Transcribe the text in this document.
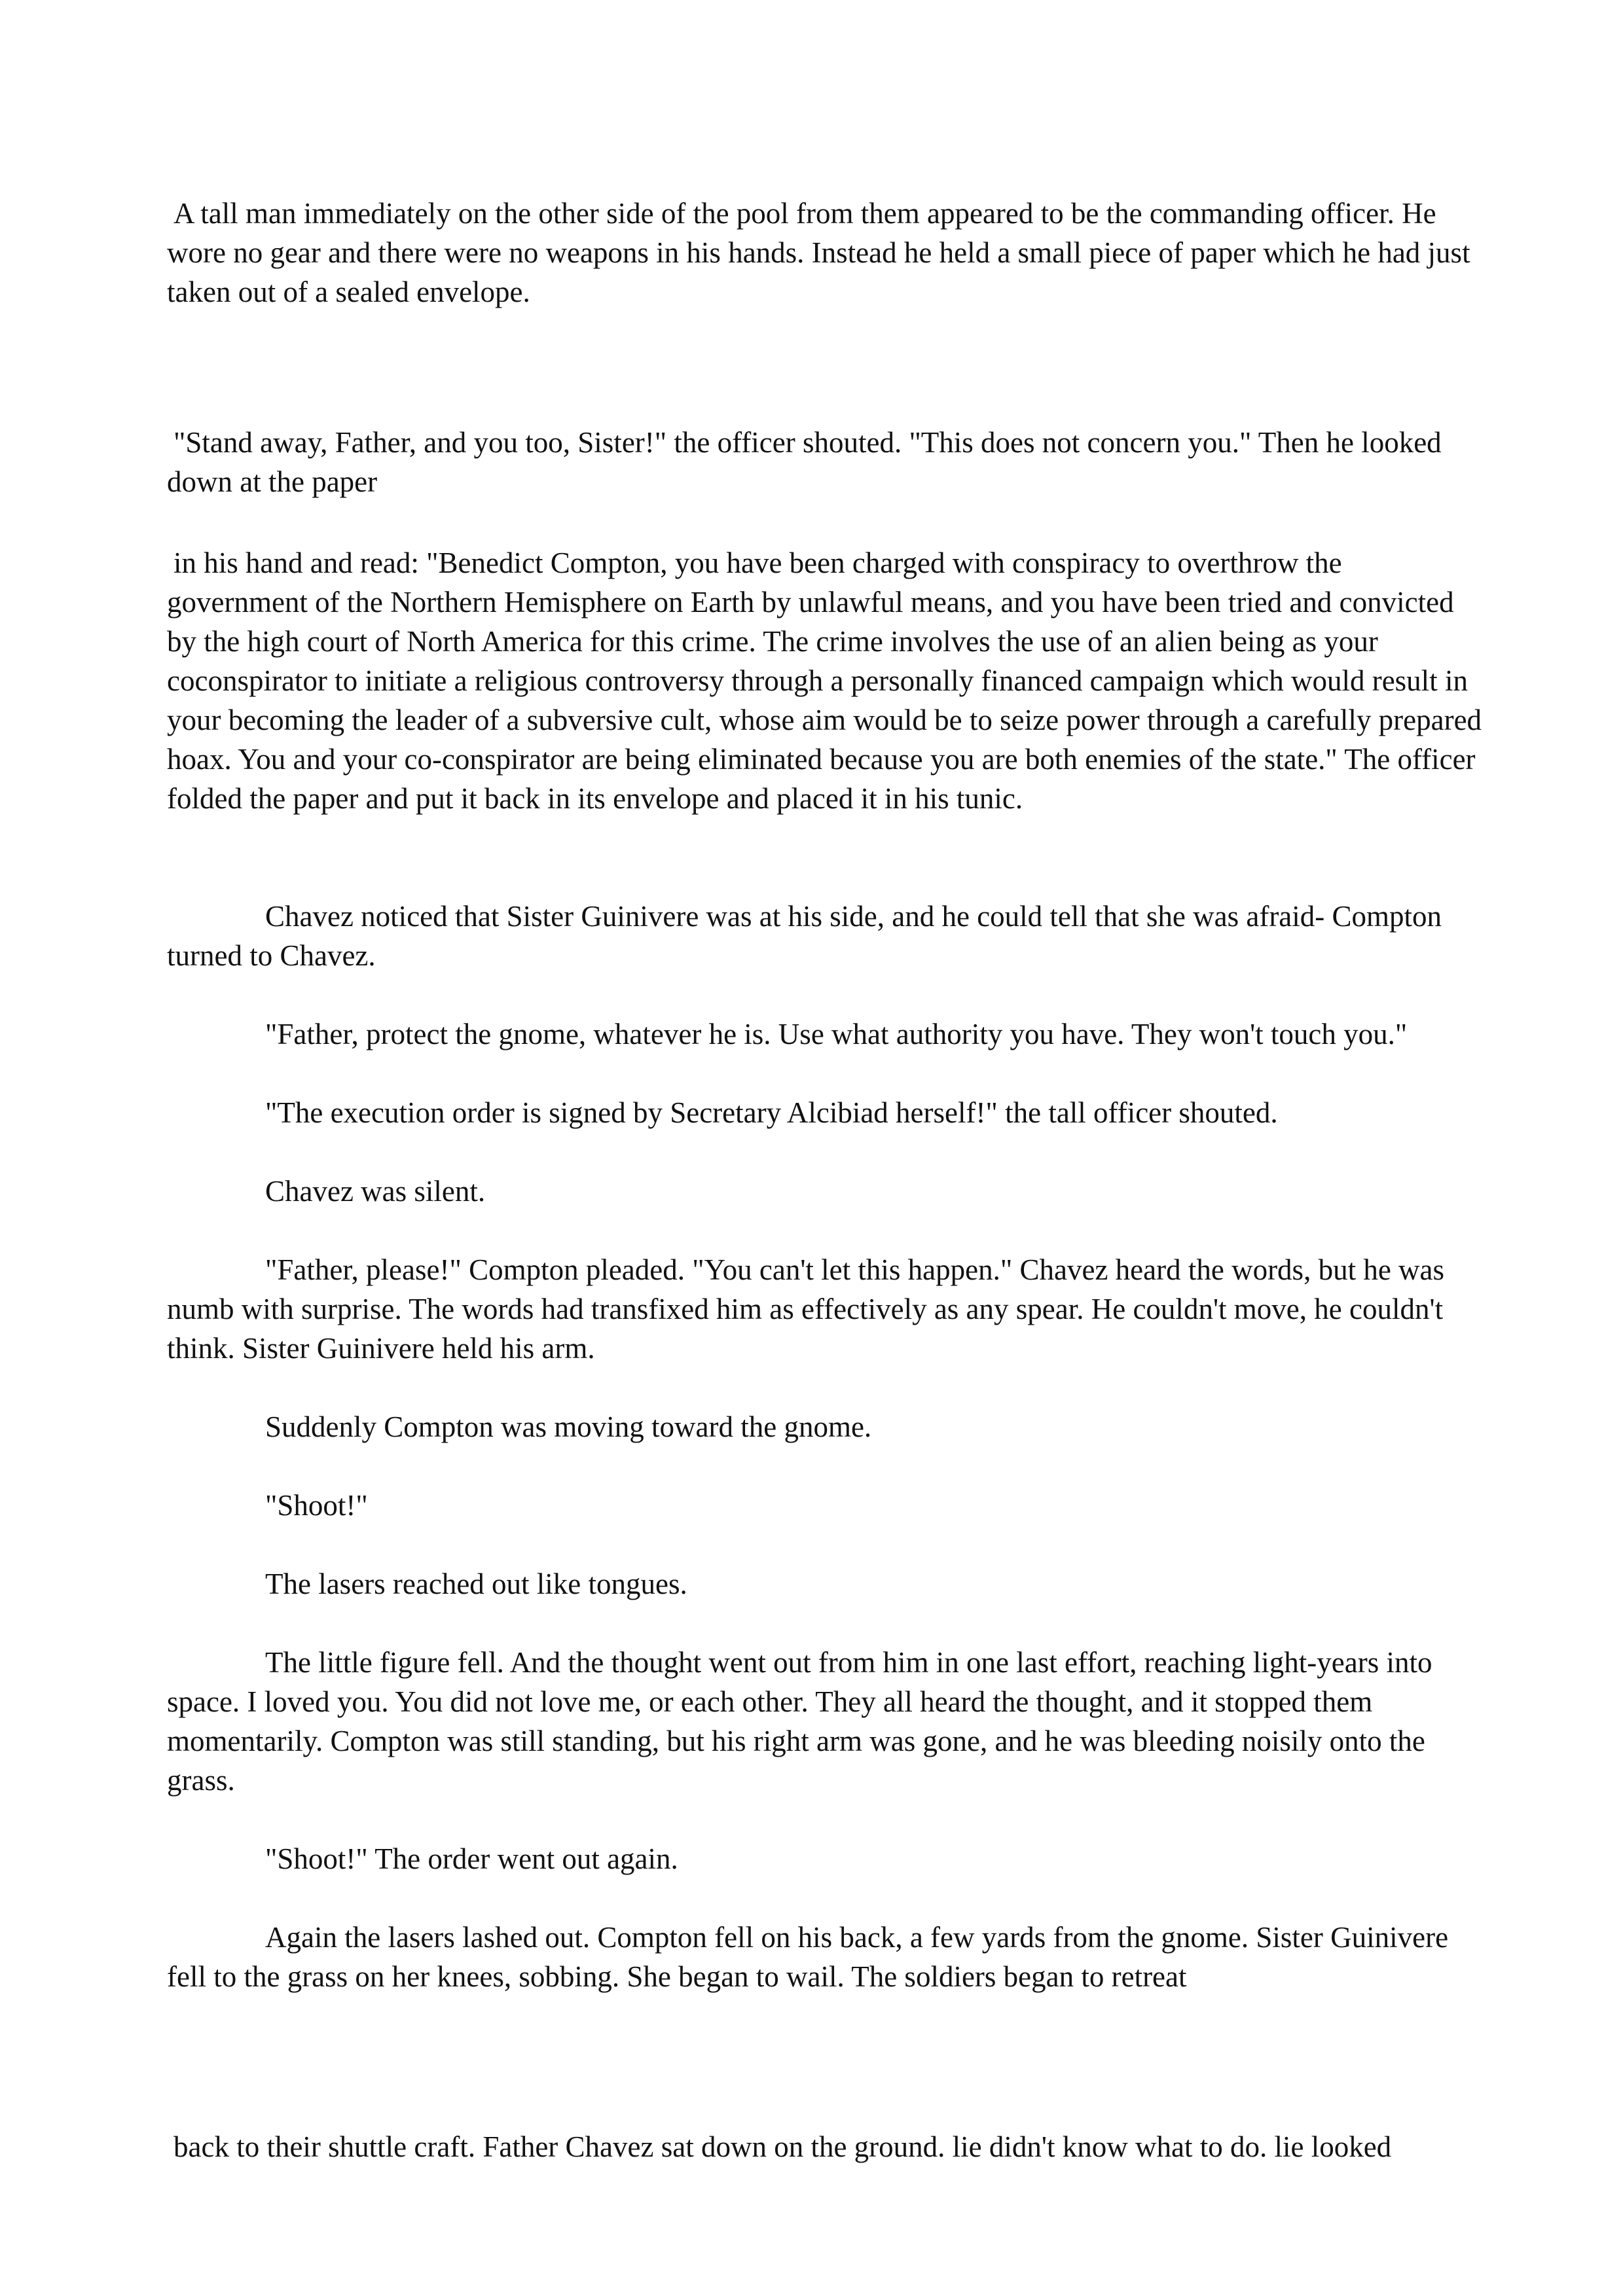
A tall man immediately on the other side of the pool from them appeared to be the commanding officer. He wore no gear and there were no weapons in his hands. Instead he held a small piece of paper which he had just taken out of a sealed envelope.

"Stand away, Father, and you too, Sister!" the officer shouted. "This does not concern you." Then he looked down at the paper

in his hand and read: "Benedict Compton, you have been charged with conspiracy to overthrow the government of the Northern Hemisphere on Earth by unlawful means, and you have been tried and convicted by the high court of North America for this crime. The crime involves the use of an alien being as your coconspirator to initiate a religious controversy through a personally financed campaign which would result in your becoming the leader of a subversive cult, whose aim would be to seize power through a carefully prepared hoax. You and your co-conspirator are being eliminated because you are both enemies of the state." The officer folded the paper and put it back in its envelope and placed it in his tunic.

Chavez noticed that Sister Guinivere was at his side, and he could tell that she was afraid- Compton turned to Chavez.

"Father, protect the gnome, whatever he is. Use what authority you have. They won't touch you."

"The execution order is signed by Secretary Alcibiad herself!" the tall officer shouted.

Chavez was silent.

"Father, please!" Compton pleaded. "You can't let this happen." Chavez heard the words, but he was numb with surprise. The words had transfixed him as effectively as any spear. He couldn't move, he couldn't think. Sister Guinivere held his arm.

Suddenly Compton was moving toward the gnome.

"Shoot!"

The lasers reached out like tongues.

The little figure fell. And the thought went out from him in one last effort, reaching light-years into space. I loved you. You did not love me, or each other. They all heard the thought, and it stopped them momentarily. Compton was still standing, but his right arm was gone, and he was bleeding noisily onto the grass.

"Shoot!" The order went out again.

Again the lasers lashed out. Compton fell on his back, a few yards from the gnome. Sister Guinivere fell to the grass on her knees, sobbing. She began to wail. The soldiers began to retreat

back to their shuttle craft. Father Chavez sat down on the ground. lie didn't know what to do. lie looked
